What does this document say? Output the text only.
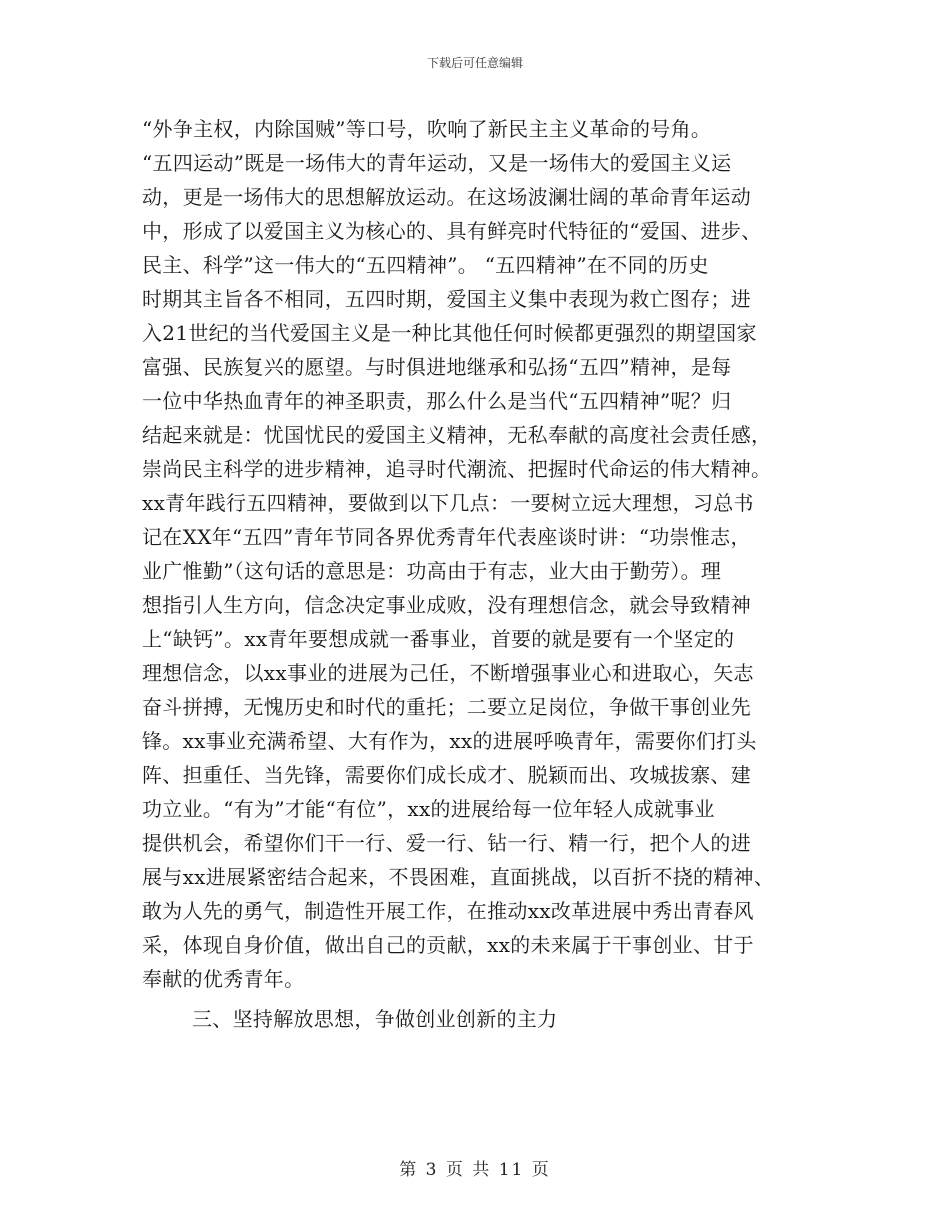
下载后可任意编辑
“外争主权，内除国贼”等口号，吹响了新民主主义革命的号角。
“五四运动”既是一场伟大的青年运动，又是一场伟大的爱国主义运
动，更是一场伟大的思想解放运动。在这场波澜壮阔的革命青年运动
中，形成了以爱国主义为核心的、具有鲜亮时代特征的“爱国、进步、
民主、科学”这一伟大的“五四精神”。 “五四精神”在不同的历史
时期其主旨各不相同，五四时期，爱国主义集中表现为救亡图存；进
入21世纪的当代爱国主义是一种比其他任何时候都更强烈的期望国家
富强、民族复兴的愿望。与时俱进地继承和弘扬“五四”精神，是每
一位中华热血青年的神圣职责，那么什么是当代“五四精神”呢？归
结起来就是：忧国忧民的爱国主义精神，无私奉献的高度社会责任感，
崇尚民主科学的进步精神，追寻时代潮流、把握时代命运的伟大精神。
xx青年践行五四精神，要做到以下几点：一要树立远大理想，习总书
记在XX年“五四”青年节同各界优秀青年代表座谈时讲：“功崇惟志，
业广惟勤”（这句话的意思是：功高由于有志，业大由于勤劳）。理
想指引人生方向，信念决定事业成败，没有理想信念，就会导致精神
上“缺钙”。xx青年要想成就一番事业，首要的就是要有一个坚定的
理想信念，以xx事业的进展为己任，不断增强事业心和进取心，矢志
奋斗拼搏，无愧历史和时代的重托；二要立足岗位，争做干事创业先
锋。xx事业充满希望、大有作为，xx的进展呼唤青年，需要你们打头
阵、担重任、当先锋，需要你们成长成才、脱颖而出、攻城拔寨、建
功立业。“有为”才能“有位”，xx的进展给每一位年轻人成就事业
提供机会，希望你们干一行、爱一行、钻一行、精一行，把个人的进
展与xx进展紧密结合起来，不畏困难，直面挑战，以百折不挠的精神、
敢为人先的勇气，制造性开展工作，在推动xx改革进展中秀出青春风
采，体现自身价值，做出自己的贡献，xx的未来属于干事创业、甘于
奉献的优秀青年。
三、坚持解放思想，争做创业创新的主力
第 3 页 共 11 页
